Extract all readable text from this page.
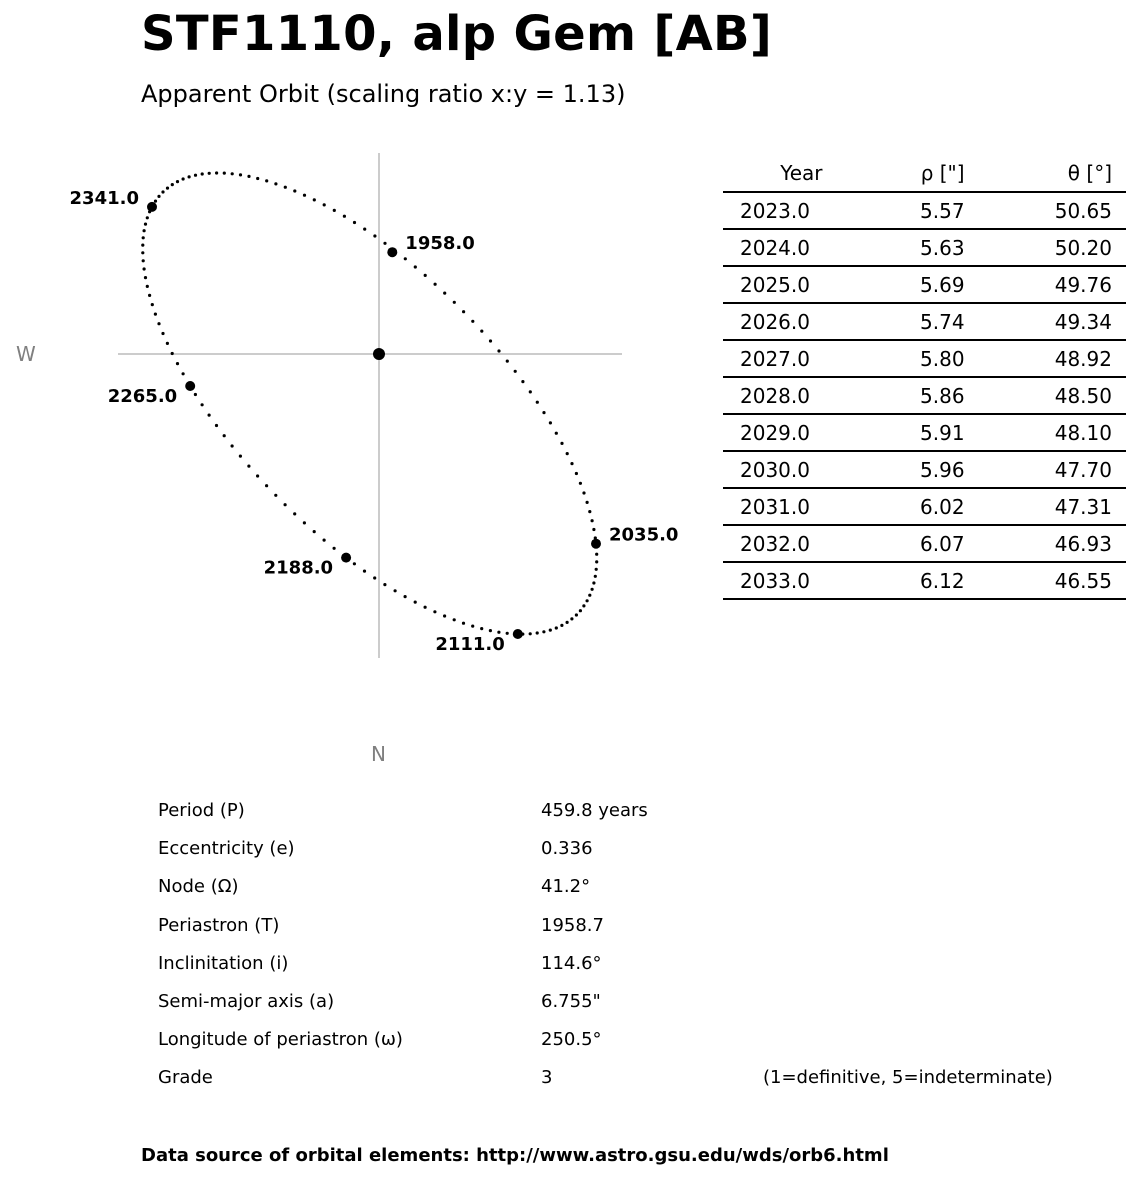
STF1110, alp Gem [AB]
Apparent Orbit (scaling ratio x:y = 1.13)
W
N
1958.0
2035.0
2111.0
2188.0
2265.0
2341.0
Year	ρ ["]	θ [°]
2023.0	5.57	50.65
2024.0	5.63	50.20
2025.0	5.69	49.76
2026.0	5.74	49.34
2027.0	5.80	48.92
2028.0	5.86	48.50
2029.0	5.91	48.10
2030.0	5.96	47.70
2031.0	6.02	47.31
2032.0	6.07	46.93
2033.0	6.12	46.55
Period (P)	459.8 years
Eccentricity (e)	0.336
Node (Ω)	41.2°
Periastron (T)	1958.7
Inclinitation (i)	114.6°
Semi-major axis (a)	6.755"
Longitude of periastron (ω)	250.5°
Grade	3	(1=definitive, 5=indeterminate)
Data source of orbital elements: http://www.astro.gsu.edu/wds/orb6.html
